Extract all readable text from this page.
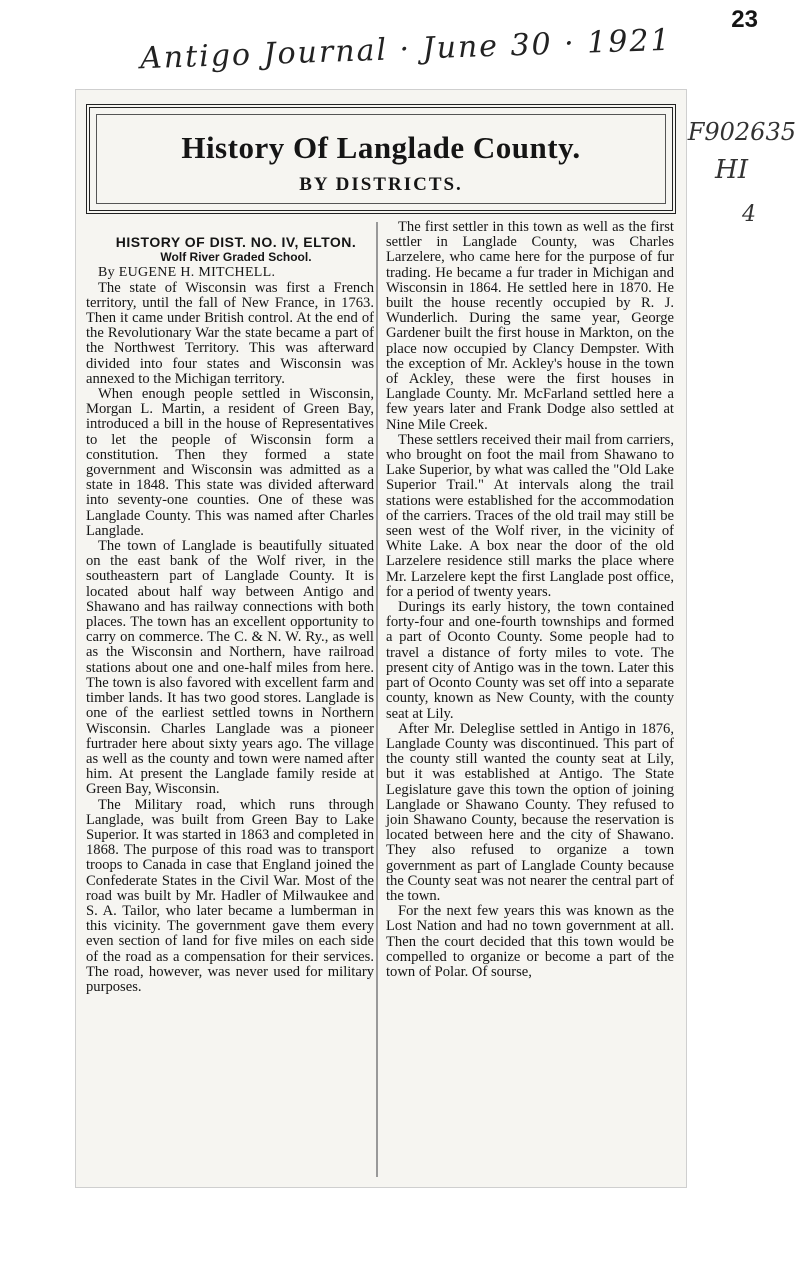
23
Antigo Journal · June 30 · 1921
F902635
HI
4
History Of Langlade County.
BY DISTRICTS.

HISTORY OF DIST. NO. IV, ELTON.

Wolf River Graded School.

By EUGENE H. MITCHELL.

The state of Wisconsin was first a French territory, until the fall of New France, in 1763. Then it came under British control. At the end of the Revolutionary War the state became a part of the Northwest Territory. This was afterward divided into four states and Wisconsin was annexed to the Michigan territory.

When enough people settled in Wisconsin, Morgan L. Martin, a resident of Green Bay, introduced a bill in the house of Representatives to let the people of Wisconsin form a constitution. Then they formed a state government and Wisconsin was admitted as a state in 1848. This state was divided afterward into seventy-one counties. One of these was Langlade County. This was named after Charles Langlade.

The town of Langlade is beautifully situated on the east bank of the Wolf river, in the southeastern part of Langlade County. It is located about half way between Antigo and Shawano and has railway connections with both places. The town has an excellent opportunity to carry on commerce. The C. & N. W. Ry., as well as the Wisconsin and Northern, have railroad stations about one and one-half miles from here. The town is also favored with excellent farm and timber lands. It has two good stores. Langlade is one of the earliest settled towns in Northern Wisconsin. Charles Langlade was a pioneer furtrader here about sixty years ago. The village as well as the county and town were named after him. At present the Langlade family reside at Green Bay, Wisconsin.

The Military road, which runs through Langlade, was built from Green Bay to Lake Superior. It was started in 1863 and completed in 1868. The purpose of this road was to transport troops to Canada in case that England joined the Confederate States in the Civil War. Most of the road was built by Mr. Hadler of Milwaukee and S. A. Tailor, who later became a lumberman in this vicinity. The government gave them every even section of land for five miles on each side of the road as a compensation for their services. The road, however, was never used for military purposes.

The first settler in this town as well as the first settler in Langlade County, was Charles Larzelere, who came here for the purpose of fur trading. He became a fur trader in Michigan and Wisconsin in 1864. He settled here in 1870. He built the house recently occupied by R. J. Wunderlich. During the same year, George Gardener built the first house in Markton, on the place now occupied by Clancy Dempster. With the exception of Mr. Ackley's house in the town of Ackley, these were the first houses in Langlade County. Mr. McFarland settled here a few years later and Frank Dodge also settled at Nine Mile Creek.

These settlers received their mail from carriers, who brought on foot the mail from Shawano to Lake Superior, by what was called the "Old Lake Superior Trail." At intervals along the trail stations were established for the accommodation of the carriers. Traces of the old trail may still be seen west of the Wolf river, in the vicinity of White Lake. A box near the door of the old Larzelere residence still marks the place where Mr. Larzelere kept the first Langlade post office, for a period of twenty years.

Durings its early history, the town contained forty-four and one-fourth townships and formed a part of Oconto County. Some people had to travel a distance of forty miles to vote. The present city of Antigo was in the town. Later this part of Oconto County was set off into a separate county, known as New County, with the county seat at Lily.

After Mr. Deleglise settled in Antigo in 1876, Langlade County was discontinued. This part of the county still wanted the county seat at Lily, but it was established at Antigo. The State Legislature gave this town the option of joining Langlade or Shawano County. They refused to join Shawano County, because the reservation is located between here and the city of Shawano. They also refused to organize a town government as part of Langlade County because the County seat was not nearer the central part of the town.

For the next few years this was known as the Lost Nation and had no town government at all. Then the court decided that this town would be compelled to organize or become a part of the town of Polar. Of sourse,
